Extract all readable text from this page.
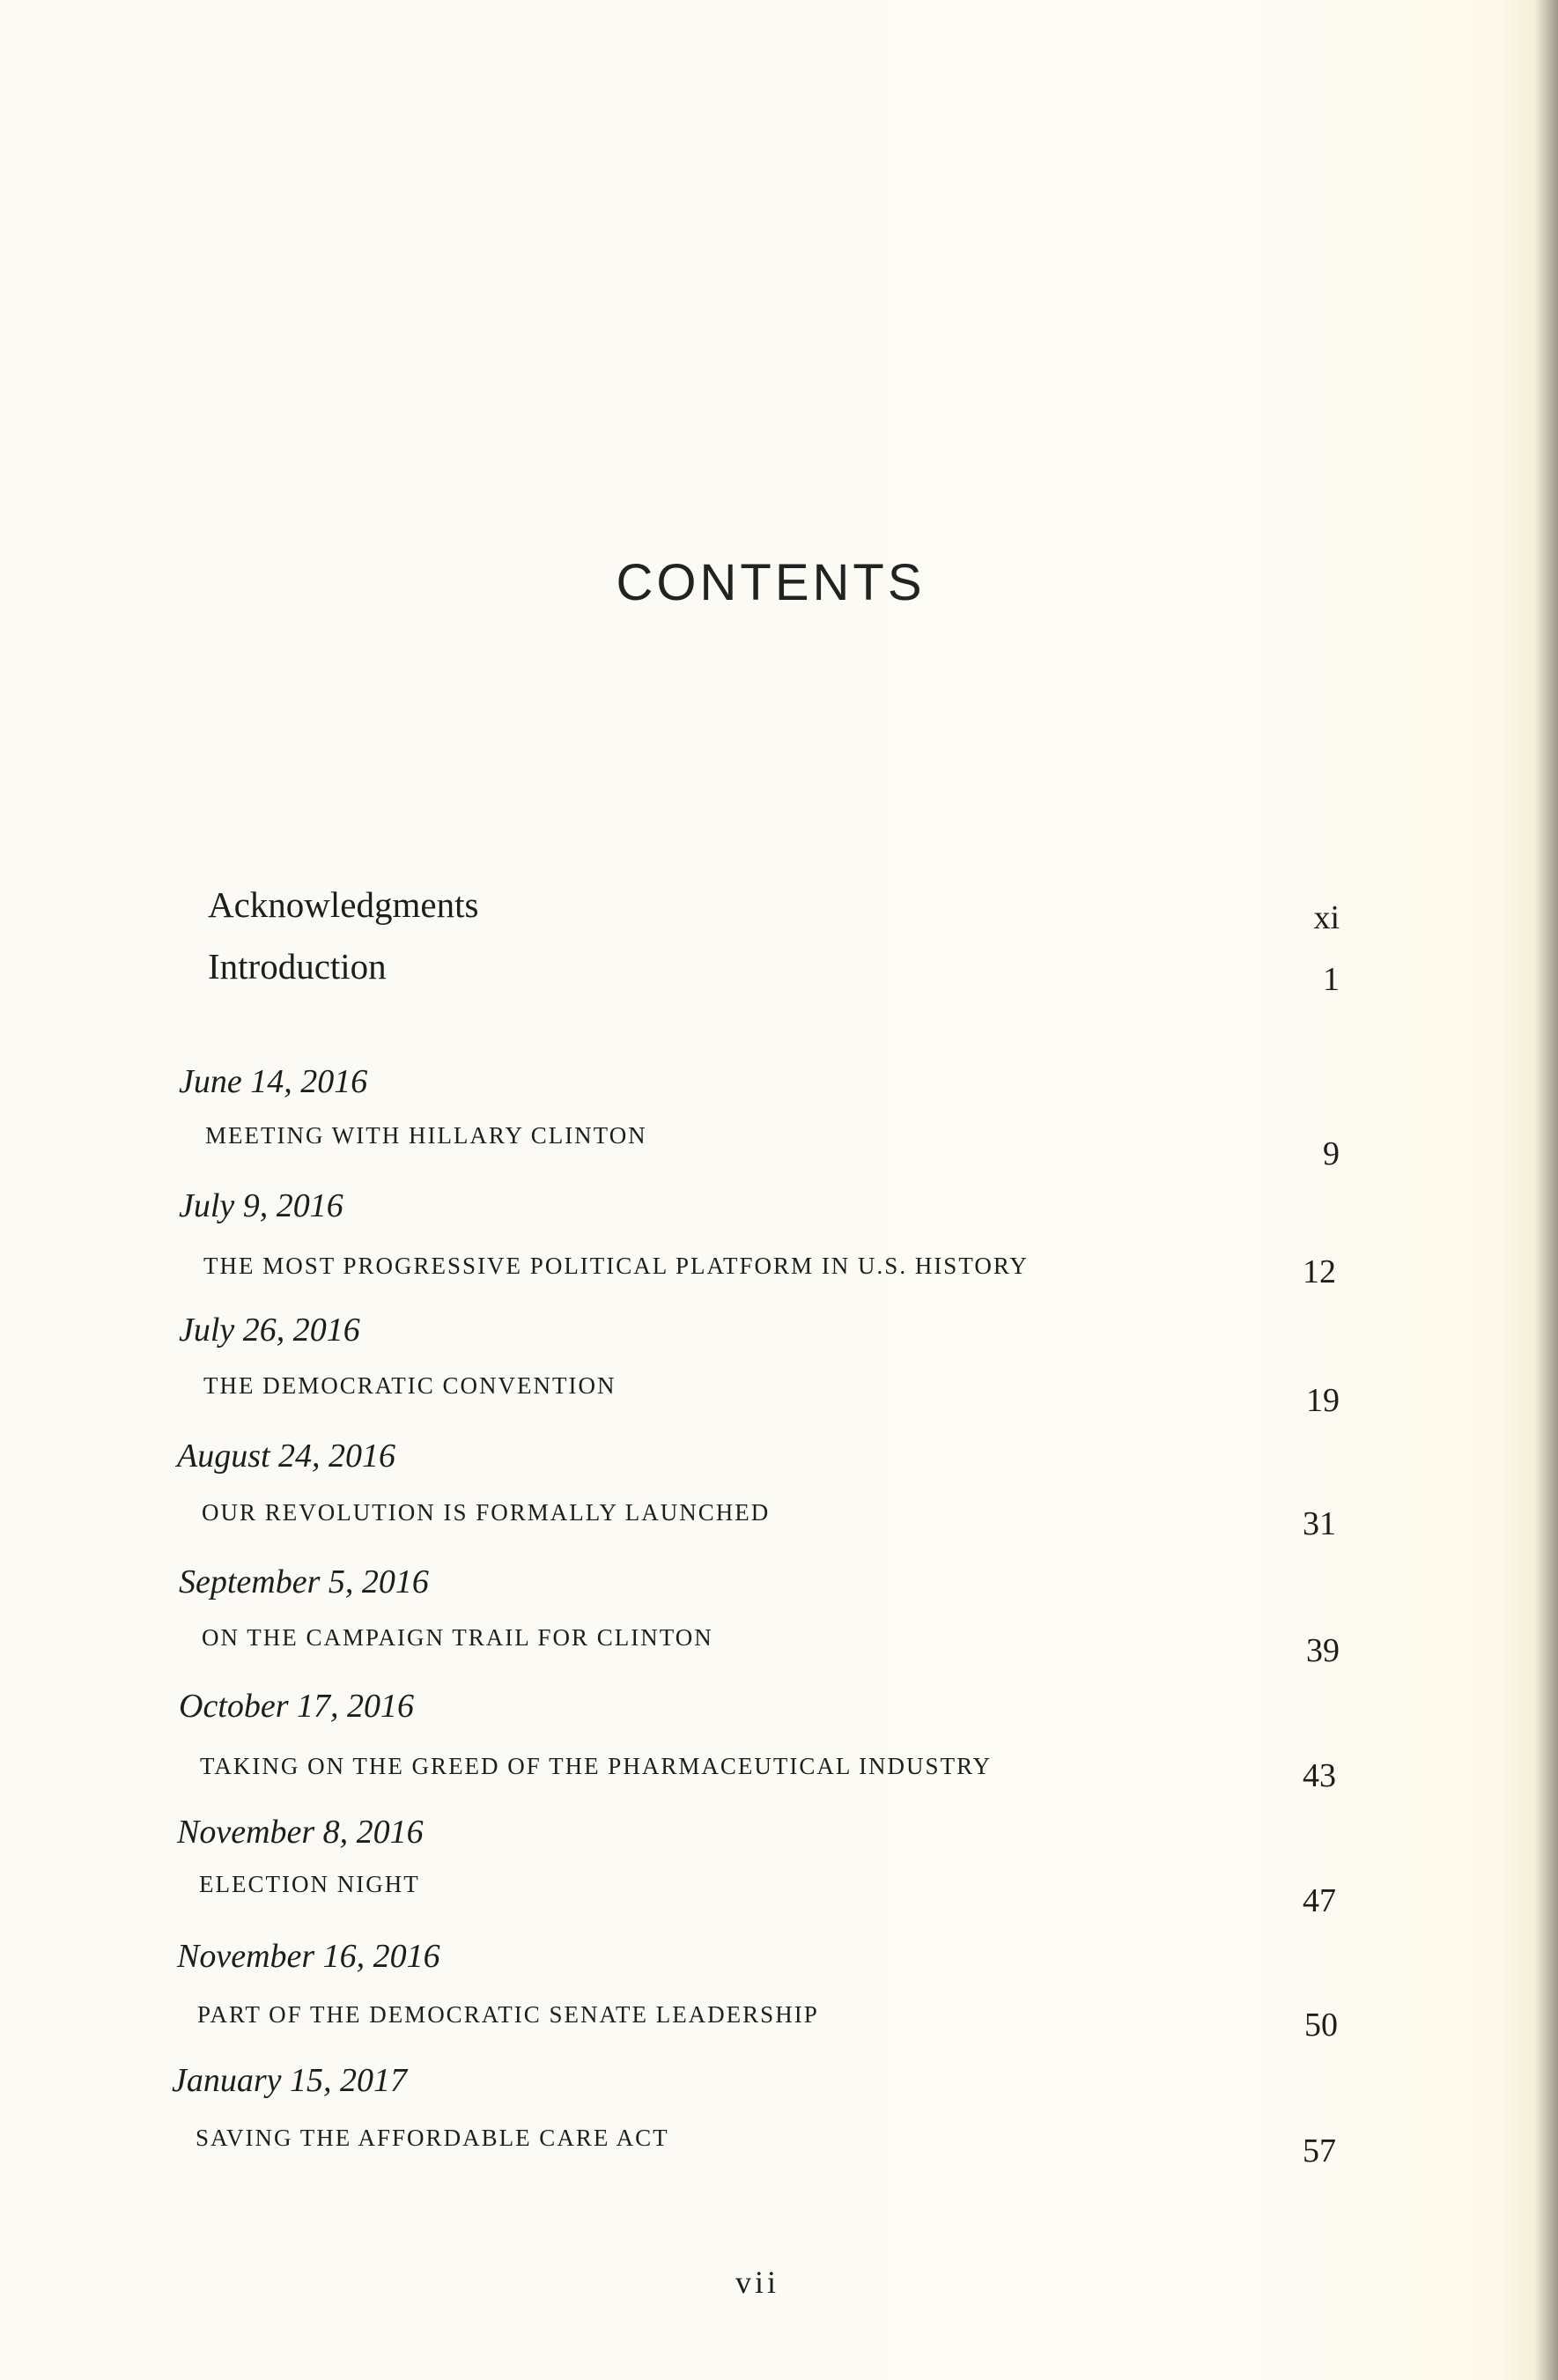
CONTENTS
Acknowledgments	xi
Introduction	1
June 14, 2016
MEETING WITH HILLARY CLINTON	9
July 9, 2016
THE MOST PROGRESSIVE POLITICAL PLATFORM IN U.S. HISTORY	12
July 26, 2016
THE DEMOCRATIC CONVENTION	19
August 24, 2016
OUR REVOLUTION IS FORMALLY LAUNCHED	31
September 5, 2016
ON THE CAMPAIGN TRAIL FOR CLINTON	39
October 17, 2016
TAKING ON THE GREED OF THE PHARMACEUTICAL INDUSTRY	43
November 8, 2016
ELECTION NIGHT	47
November 16, 2016
PART OF THE DEMOCRATIC SENATE LEADERSHIP	50
January 15, 2017
SAVING THE AFFORDABLE CARE ACT	57
vii
